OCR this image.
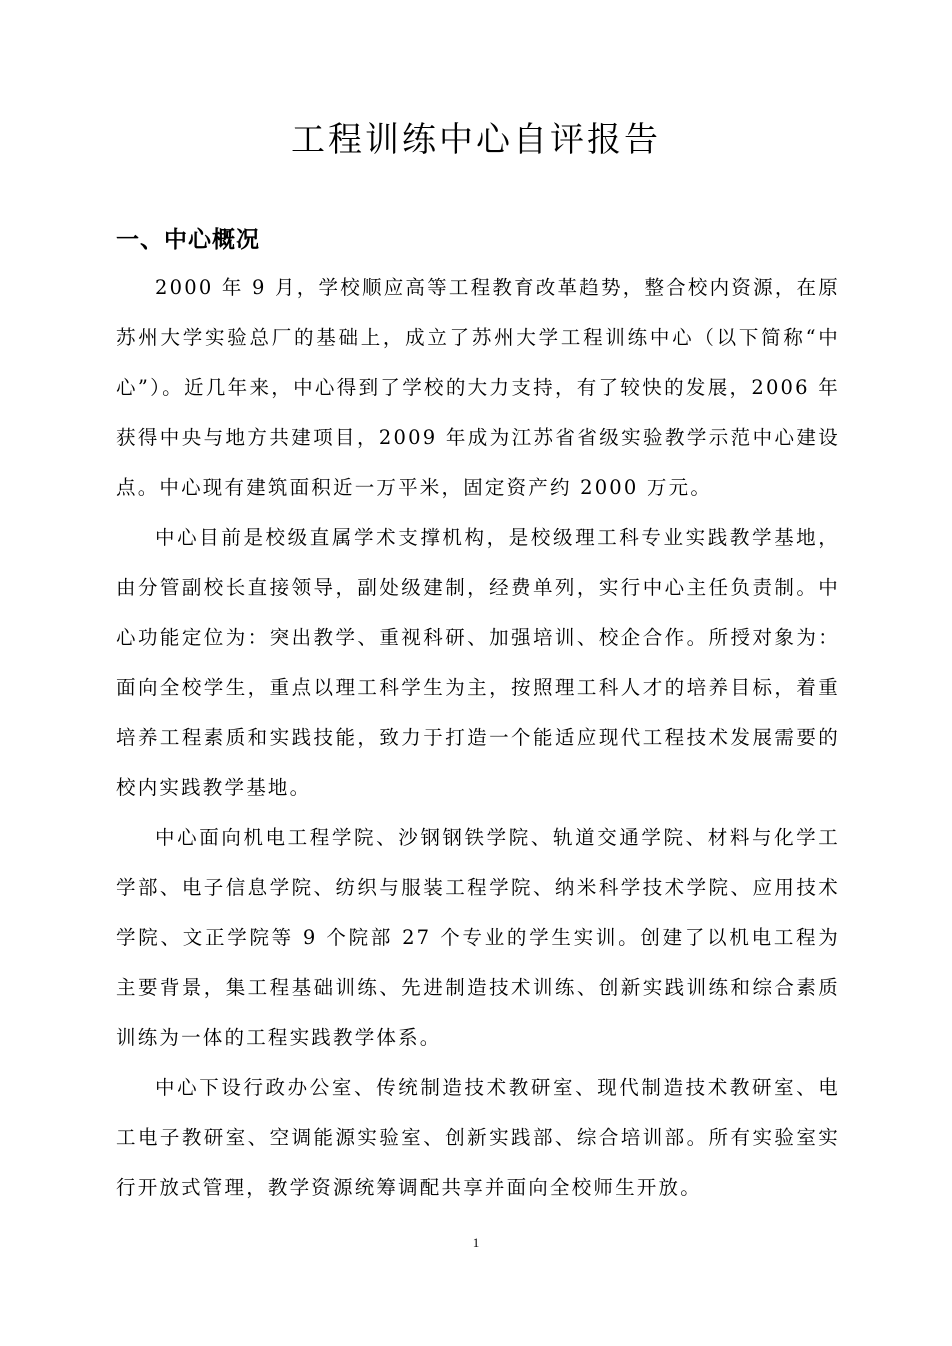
工程训练中心自评报告
一、中心概况

2000 年 9 月，学校顺应高等工程教育改革趋势，整合校内资源，在原苏州大学实验总厂的基础上，成立了苏州大学工程训练中心（以下简称“中心”）。近几年来，中心得到了学校的大力支持，有了较快的发展，2006 年获得中央与地方共建项目，2009 年成为江苏省省级实验教学示范中心建设点。中心现有建筑面积近一万平米，固定资产约 2000 万元。

中心目前是校级直属学术支撑机构，是校级理工科专业实践教学基地，由分管副校长直接领导，副处级建制，经费单列，实行中心主任负责制。中心功能定位为：突出教学、重视科研、加强培训、校企合作。所授对象为：面向全校学生，重点以理工科学生为主，按照理工科人才的培养目标，着重培养工程素质和实践技能，致力于打造一个能适应现代工程技术发展需要的校内实践教学基地。

中心面向机电工程学院、沙钢钢铁学院、轨道交通学院、材料与化学工学部、电子信息学院、纺织与服装工程学院、纳米科学技术学院、应用技术学院、文正学院等 9 个院部 27 个专业的学生实训。创建了以机电工程为主要背景，集工程基础训练、先进制造技术训练、创新实践训练和综合素质训练为一体的工程实践教学体系。

中心下设行政办公室、传统制造技术教研室、现代制造技术教研室、电工电子教研室、空调能源实验室、创新实践部、综合培训部。所有实验室实行开放式管理，教学资源统筹调配共享并面向全校师生开放。

1
